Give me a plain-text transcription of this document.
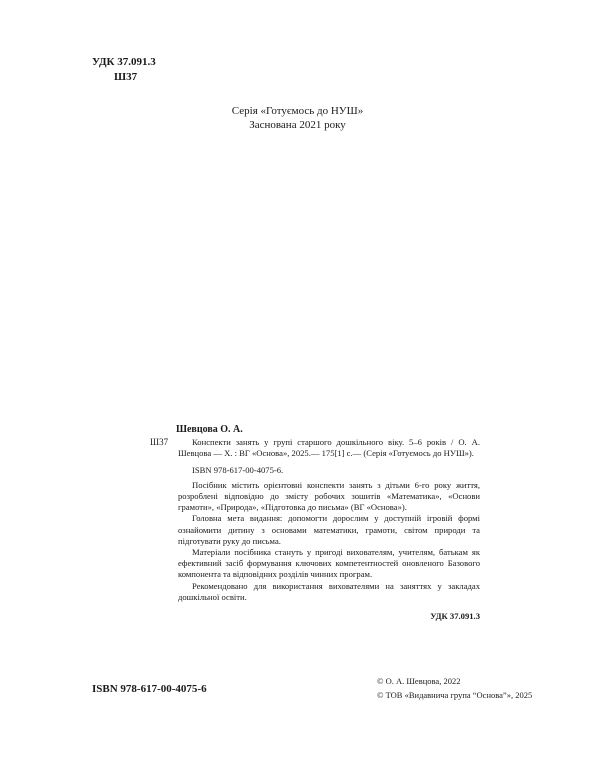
УДК 37.091.3
Ш37
Серія «Готуємось до НУШ»
Заснована 2021 року
Шевцова О. А.
Ш37	Конспекти занять у групі старшого дошкільного віку. 5–6 років / О. А. Шевцова — Х. : ВГ «Основа», 2025.— 175[1] с.— (Серія «Готуємось до НУШ»).
ISBN 978-617-00-4075-6.

Посібник містить орієнтовні конспекти занять з дітьми 6-го року життя, розроблені відповідно до змісту робочих зошитів «Математика», «Основи грамоти», «Природа», «Підготовка до письма» (ВГ «Основа»).

Головна мета видання: допомогти дорослим у доступній ігровій формі ознайомити дитину з основами математики, грамоти, світом природи та підготувати руку до письма.

Матеріали посібника стануть у пригоді вихователям, учителям, батькам як ефективний засіб формування ключових компетентностей оновленого Базового компонента та відповідних розділів чинних програм.

Рекомендовано для використання вихователями на заняттях у закладах дошкільної освіти.

УДК 37.091.3
ISBN 978-617-00-4075-6
© О. А. Шевцова, 2022
© ТОВ «Видавнича група “Основа”», 2025
